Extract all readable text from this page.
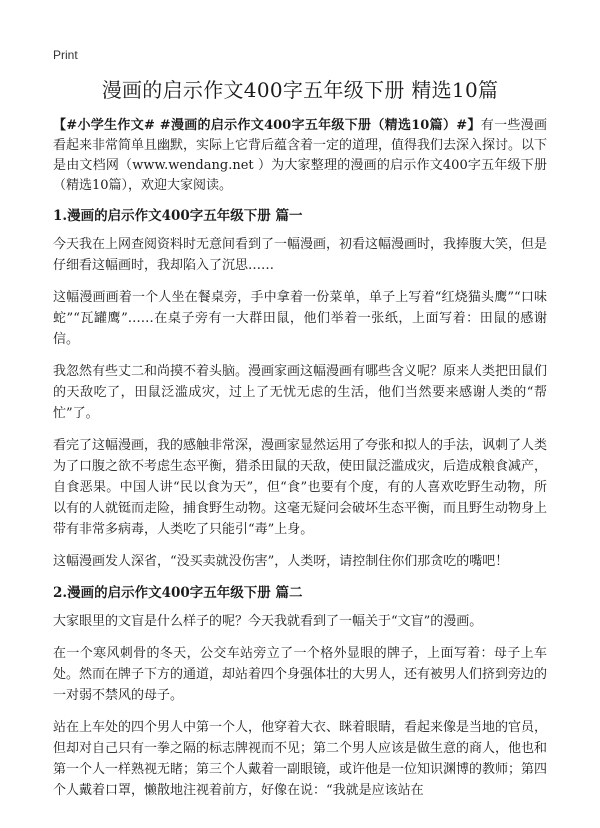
Print
漫画的启示作文400字五年级下册 精选10篇

【#小学生作文# #漫画的启示作文400字五年级下册（精选10篇）#】有一些漫画看起来非常简单且幽默，实际上它背后蕴含着一定的道理，值得我们去深入探讨。以下是由文档网（www.wendang.net ）为大家整理的漫画的启示作文400字五年级下册（精选10篇），欢迎大家阅读。

1.漫画的启示作文400字五年级下册 篇一

今天我在上网查阅资料时无意间看到了一幅漫画，初看这幅漫画时，我捧腹大笑，但是仔细看这幅画时，我却陷入了沉思……

这幅漫画画着一个人坐在餐桌旁，手中拿着一份菜单，单子上写着“红烧猫头鹰”“口味蛇”“瓦罐鹰”……在桌子旁有一大群田鼠，他们举着一张纸，上面写着：田鼠的感谢信。

我忽然有些丈二和尚摸不着头脑。漫画家画这幅漫画有哪些含义呢？原来人类把田鼠们的天敌吃了，田鼠泛滥成灾，过上了无忧无虑的生活，他们当然要来感谢人类的“帮忙”了。

看完了这幅漫画，我的感触非常深，漫画家显然运用了夸张和拟人的手法，讽刺了人类为了口腹之欲不考虑生态平衡，猎杀田鼠的天敌，使田鼠泛滥成灾，后造成粮食减产，自食恶果。中国人讲“民以食为天”，但“食”也要有个度，有的人喜欢吃野生动物，所以有的人就铤而走险，捕食野生动物。这毫无疑问会破坏生态平衡，而且野生动物身上带有非常多病毒，人类吃了只能引“毒”上身。

这幅漫画发人深省，“没买卖就没伤害”，人类呀，请控制住你们那贪吃的嘴吧！

2.漫画的启示作文400字五年级下册 篇二

大家眼里的文盲是什么样子的呢？今天我就看到了一幅关于“文盲”的漫画。

在一个寒风刺骨的冬天，公交车站旁立了一个格外显眼的牌子，上面写着：母子上车处。然而在牌子下方的通道，却站着四个身强体壮的大男人，还有被男人们挤到旁边的一对弱不禁风的母子。

站在上车处的四个男人中第一个人，他穿着大衣、眯着眼睛，看起来像是当地的官员，但却对自己只有一拳之隔的标志牌视而不见；第二个男人应该是做生意的商人，他也和第一个人一样熟视无睹；第三个人戴着一副眼镜，或许他是一位知识渊博的教师；第四个人戴着口罩，懒散地注视着前方，好像在说：“我就是应该站在
